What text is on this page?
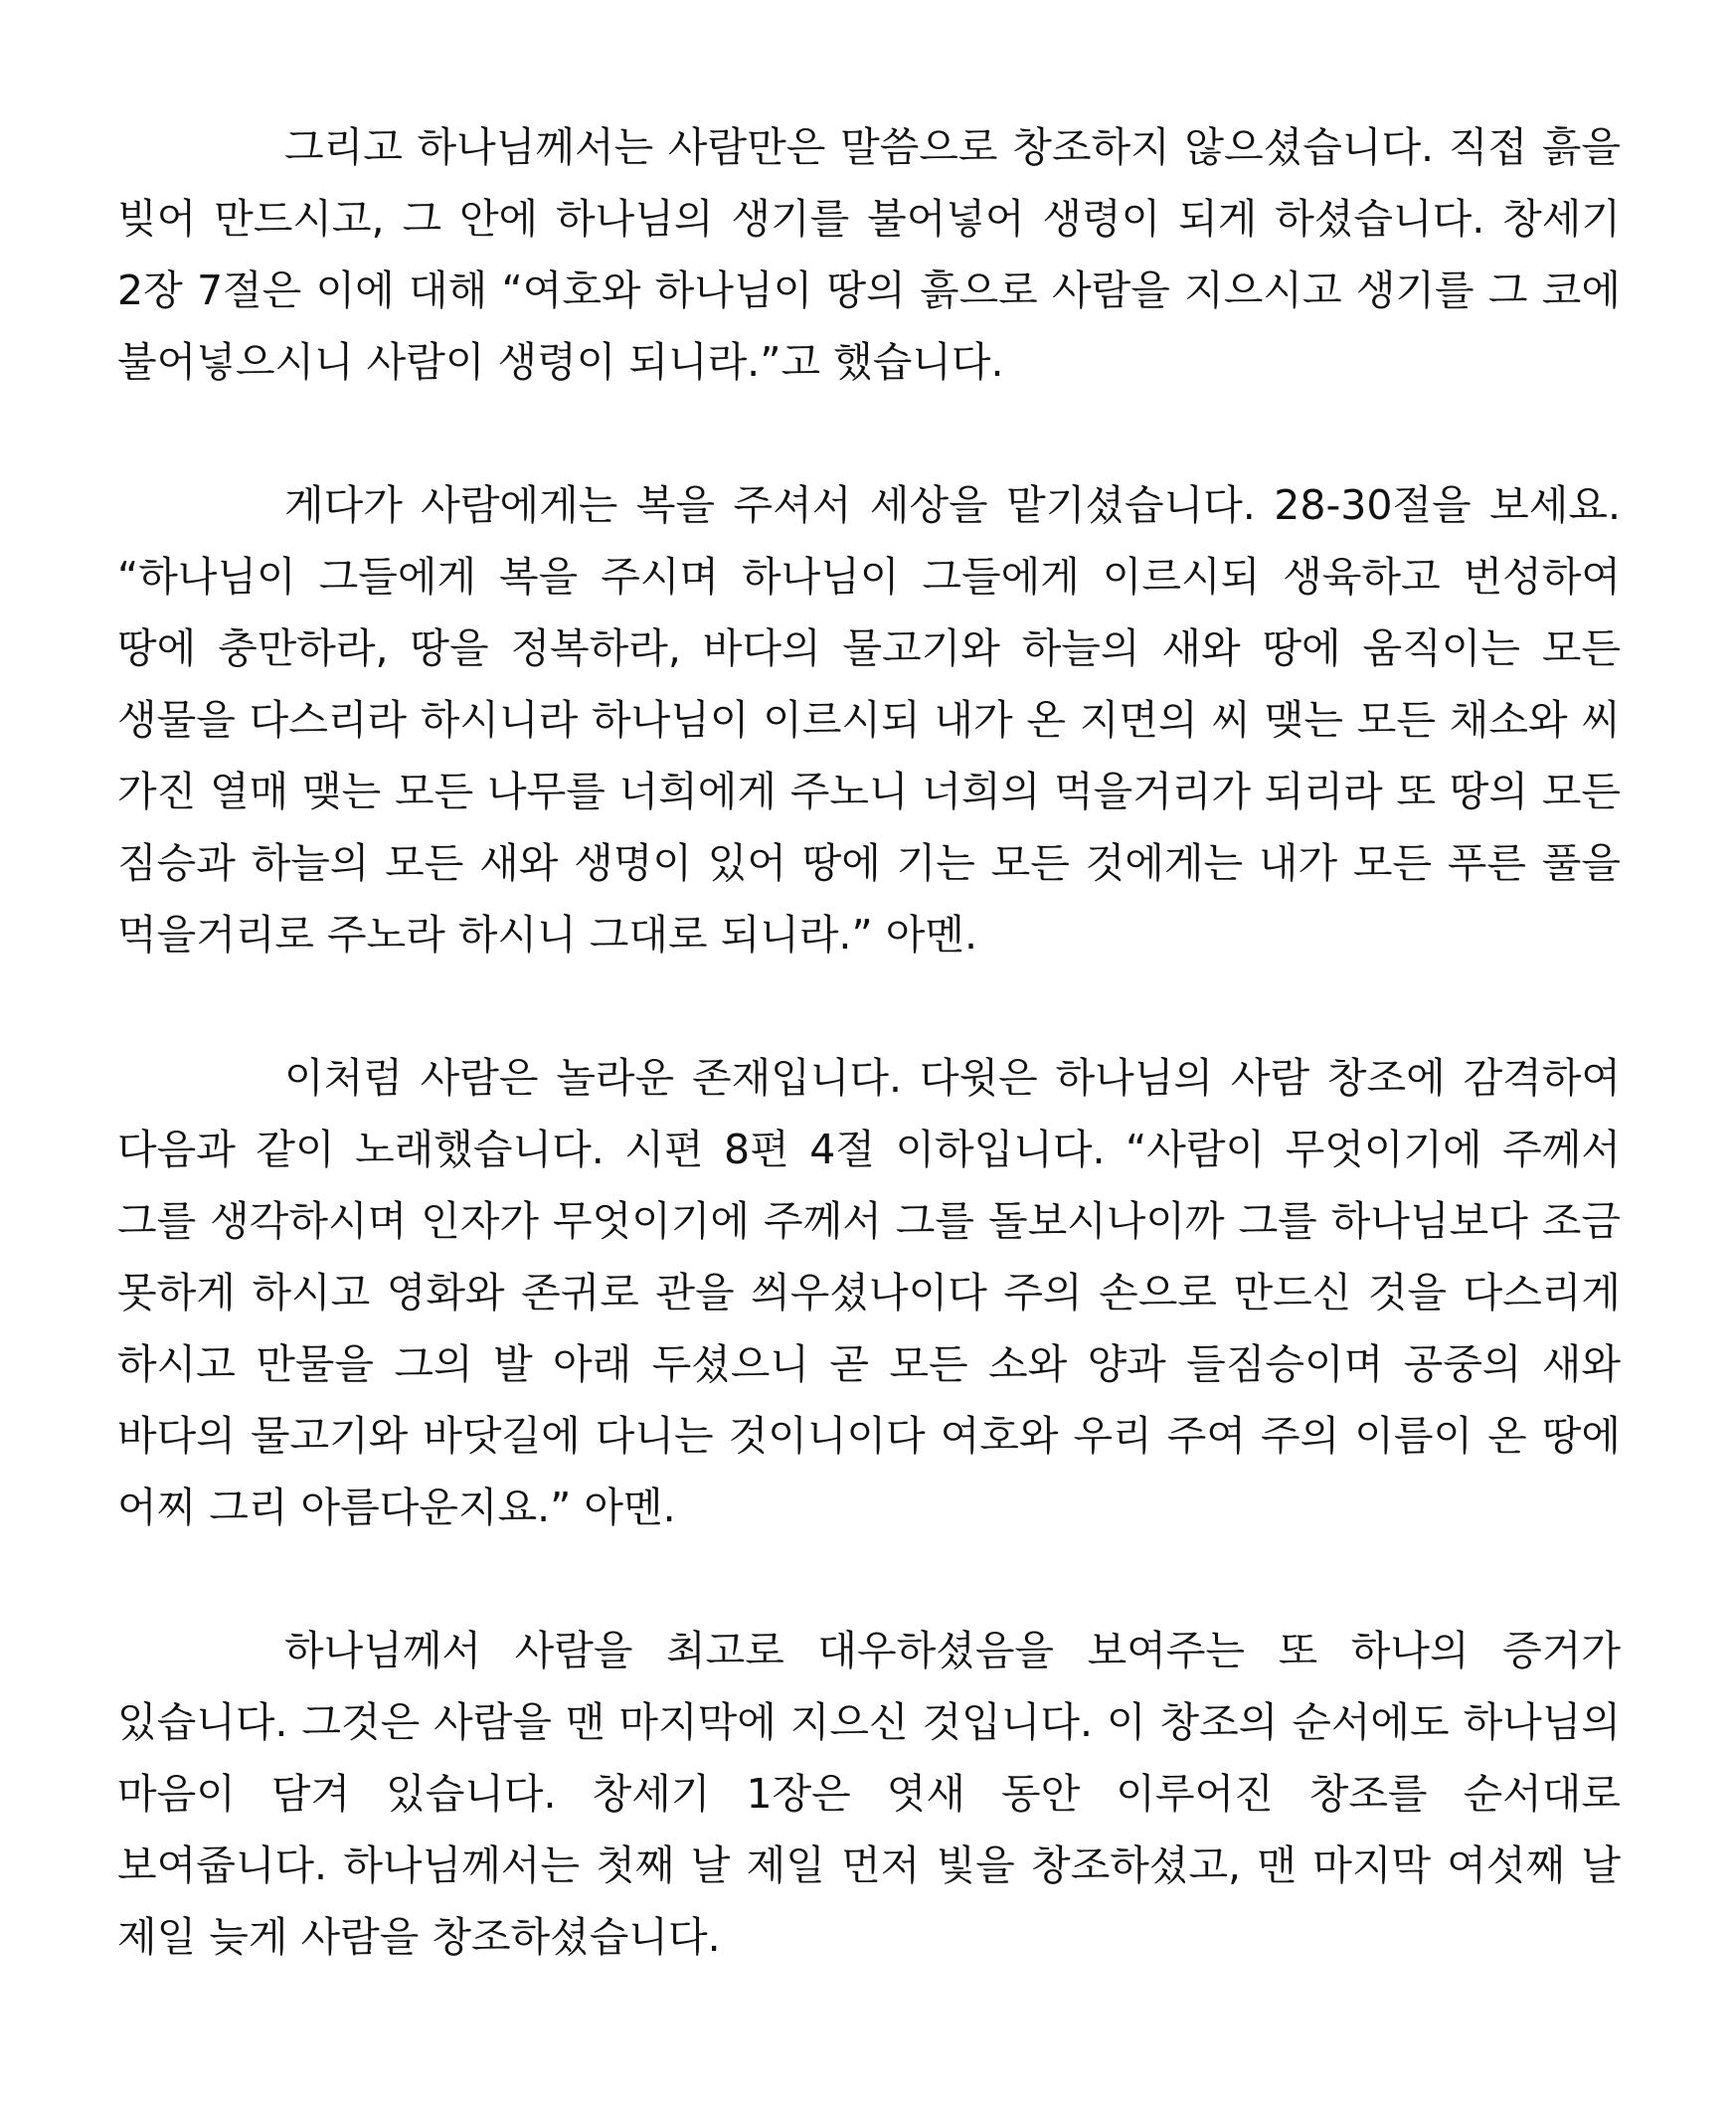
그리고 하나님께서는 사람만은 말씀으로 창조하지 않으셨습니다. 직접 흙을 빚어 만드시고, 그 안에 하나님의 생기를 불어넣어 생령이 되게 하셨습니다. 창세기 2장 7절은 이에 대해 “여호와 하나님이 땅의 흙으로 사람을 지으시고 생기를 그 코에 불어넣으시니 사람이 생령이 되니라.”고 했습니다.

게다가 사람에게는 복을 주셔서 세상을 맡기셨습니다. 28-30절을 보세요. “하나님이 그들에게 복을 주시며 하나님이 그들에게 이르시되 생육하고 번성하여 땅에 충만하라, 땅을 정복하라, 바다의 물고기와 하늘의 새와 땅에 움직이는 모든 생물을 다스리라 하시니라 하나님이 이르시되 내가 온 지면의 씨 맺는 모든 채소와 씨 가진 열매 맺는 모든 나무를 너희에게 주노니 너희의 먹을거리가 되리라 또 땅의 모든 짐승과 하늘의 모든 새와 생명이 있어 땅에 기는 모든 것에게는 내가 모든 푸른 풀을 먹을거리로 주노라 하시니 그대로 되니라.” 아멘.

이처럼 사람은 놀라운 존재입니다. 다윗은 하나님의 사람 창조에 감격하여 다음과 같이 노래했습니다. 시편 8편 4절 이하입니다. “사람이 무엇이기에 주께서 그를 생각하시며 인자가 무엇이기에 주께서 그를 돌보시나이까 그를 하나님보다 조금 못하게 하시고 영화와 존귀로 관을 씌우셨나이다 주의 손으로 만드신 것을 다스리게 하시고 만물을 그의 발 아래 두셨으니 곧 모든 소와 양과 들짐승이며 공중의 새와 바다의 물고기와 바닷길에 다니는 것이니이다 여호와 우리 주여 주의 이름이 온 땅에 어찌 그리 아름다운지요.” 아멘.

하나님께서 사람을 최고로 대우하셨음을 보여주는 또 하나의 증거가 있습니다. 그것은 사람을 맨 마지막에 지으신 것입니다. 이 창조의 순서에도 하나님의 마음이 담겨 있습니다. 창세기 1장은 엿새 동안 이루어진 창조를 순서대로 보여줍니다. 하나님께서는 첫째 날 제일 먼저 빛을 창조하셨고, 맨 마지막 여섯째 날 제일 늦게 사람을 창조하셨습니다.
